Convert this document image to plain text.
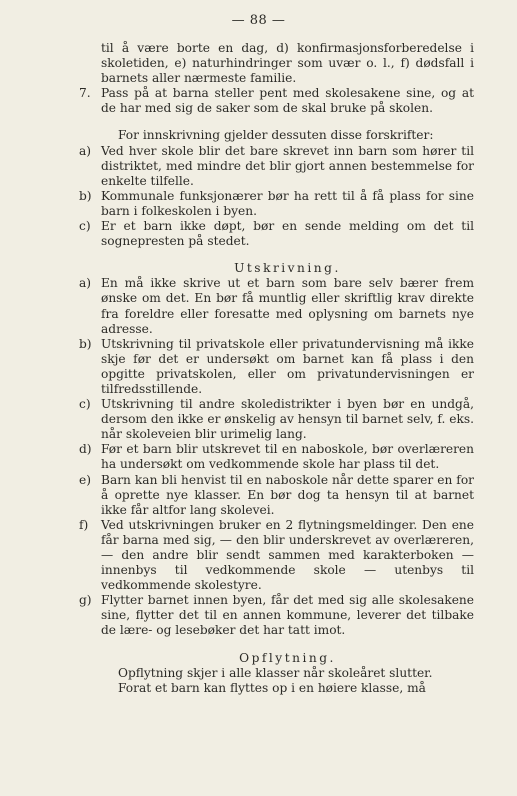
— 88 —
til å være borte en dag, d) konfirmasjonsforberedelse i skoletiden, e) naturhindringer som uvær o. l., f) dødsfall i barnets aller nærmeste familie.
7. Pass på at barna steller pent med skolesakene sine, og at de har med sig de saker som de skal bruke på skolen.
For innskrivning gjelder dessuten disse forskrifter:
a) Ved hver skole blir det bare skrevet inn barn som hører til distriktet, med mindre det blir gjort annen bestemmelse for enkelte tilfelle.
b) Kommunale funksjonærer bør ha rett til å få plass for sine barn i folkeskolen i byen.
c) Er et barn ikke døpt, bør en sende melding om det til sognepresten på stedet.
Utskrivning.
a) En må ikke skrive ut et barn som bare selv bærer frem ønske om det. En bør få muntlig eller skriftlig krav direkte fra foreldre eller foresatte med oplysning om barnets nye adresse.
b) Utskrivning til privatskole eller privatundervisning må ikke skje før det er undersøkt om barnet kan få plass i den opgitte privatskolen, eller om privatundervisningen er tilfredsstillende.
c) Utskrivning til andre skoledistrikter i byen bør en undgå, dersom den ikke er ønskelig av hensyn til barnet selv, f. eks. når skoleveien blir urimelig lang.
d) Før et barn blir utskrevet til en naboskole, bør overlæreren ha undersøkt om vedkommende skole har plass til det.
e) Barn kan bli henvist til en naboskole når dette sparer en for å oprette nye klasser. En bør dog ta hensyn til at barnet ikke får altfor lang skolevei.
f)	Ved utskrivningen bruker en 2 flytningsmeldinger. Den ene får barna med sig, — den blir underskrevet av overlæreren, — den andre blir sendt sammen med karakterboken — innenbys til vedkommende skole — utenbys til vedkommende skolestyre.
g) Flytter barnet innen byen, får det med sig alle skolesakene sine, flytter det til en annen kommune, leverer det tilbake de lære- og lesebøker det har tatt imot.
Opflytning.
Opflytning skjer i alle klasser når skoleåret slutter.
Forat et barn kan flyttes op i en høiere klasse, må
